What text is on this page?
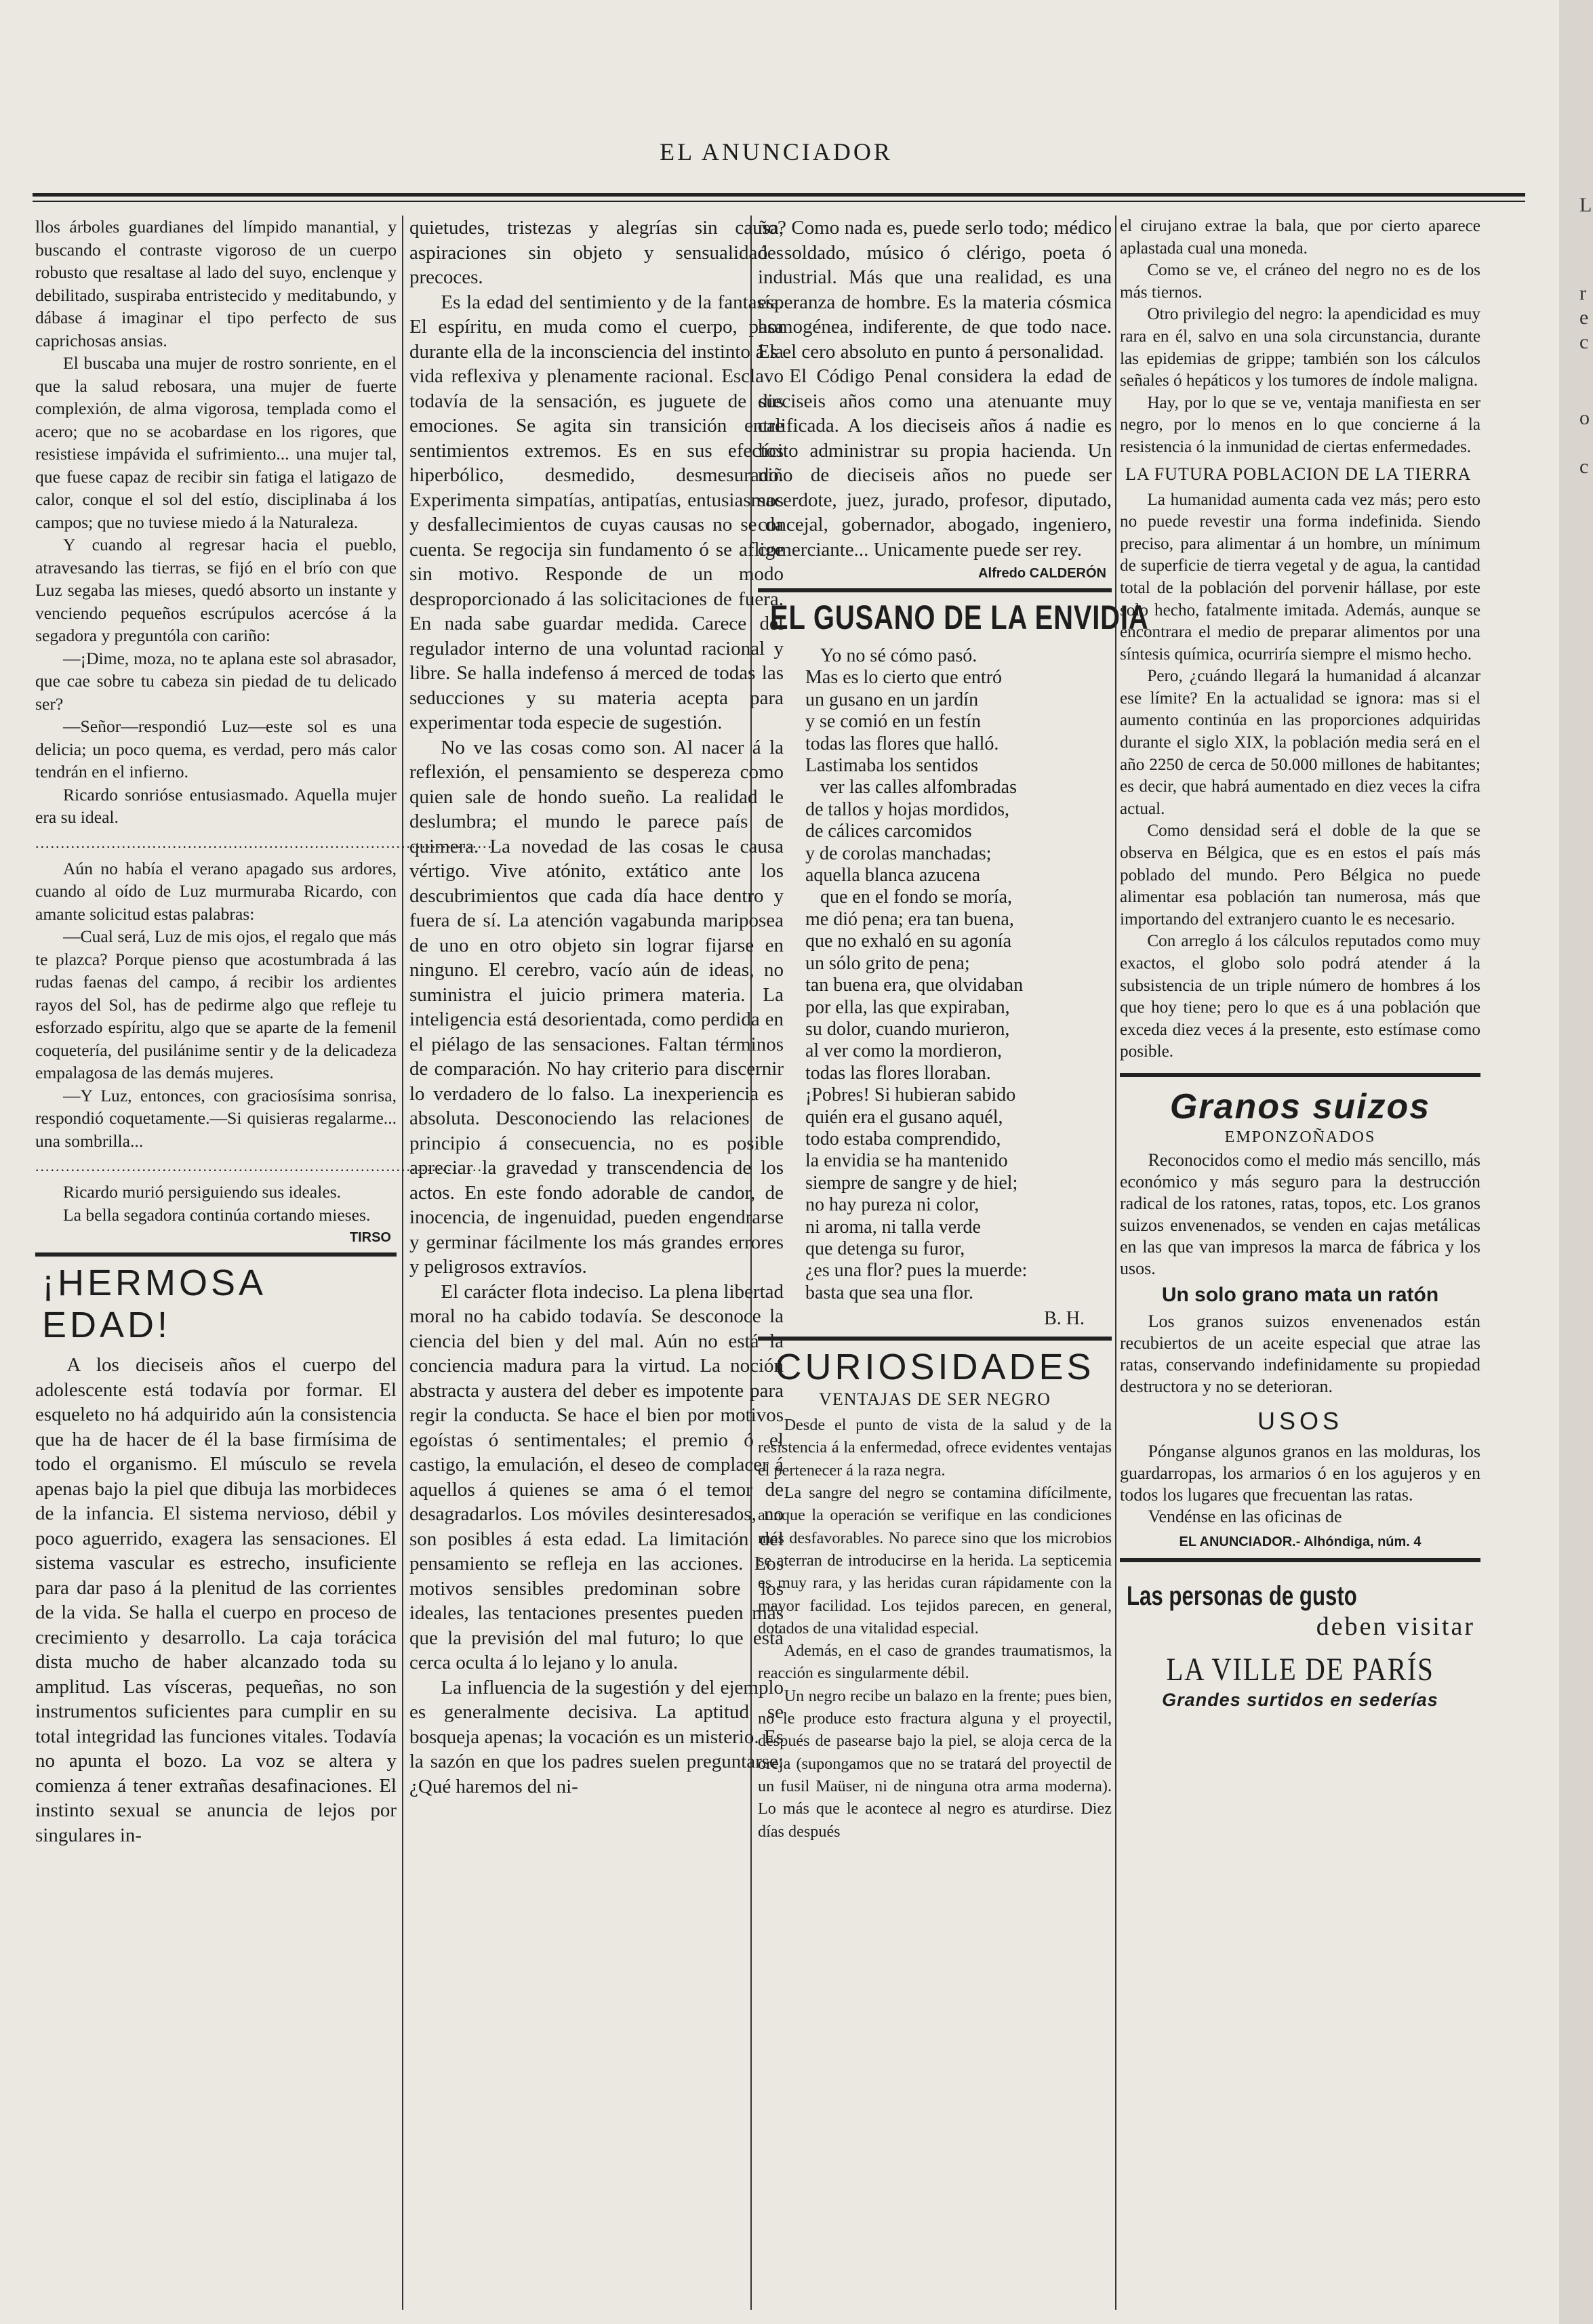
L
r
e
c
o
c
EL ANUNCIADOR

llos árboles guardianes del límpido manantial, y buscando el contraste vigoroso de un cuerpo robusto que resaltase al lado del suyo, enclenque y debilitado, suspiraba entristecido y meditabundo, y dábase á imaginar el tipo perfecto de sus caprichosas ansias.

El buscaba una mujer de rostro sonriente, en el que la salud rebosara, una mujer de fuerte complexión, de alma vigorosa, templada como el acero; que no se acobardase en los rigores, que resistiese impávida el sufrimiento... una mujer tal, que fuese capaz de recibir sin fatiga el latigazo de calor, conque el sol del estío, disciplinaba á los campos; que no tuviese miedo á la Naturaleza.

Y cuando al regresar hacia el pueblo, atravesando las tierras, se fijó en el brío con que Luz segaba las mieses, quedó absorto un instante y venciendo pequeños escrúpulos acercóse á la segadora y preguntóla con cariño:

—¡Dime, moza, no te aplana este sol abrasador, que cae sobre tu cabeza sin piedad de tu delicado ser?

—Señor—respondió Luz—este sol es una delicia; un poco quema, es verdad, pero más calor tendrán en el infierno.

Ricardo sonrióse entusiasmado. Aquella mujer era su ideal.

..........................................................................................

Aún no había el verano apagado sus ardores, cuando al oído de Luz murmuraba Ricardo, con amante solicitud estas palabras:

—Cual será, Luz de mis ojos, el regalo que más te plazca? Porque pienso que acostumbrada á las rudas faenas del campo, á recibir los ardientes rayos del Sol, has de pedirme algo que refleje tu esforzado espíritu, algo que se aparte de la femenil coquetería, del pusilánime sentir y de la delicadeza empalagosa de las demás mujeres.

—Y Luz, entonces, con graciosísima sonrisa, respondió coquetamente.—Si quisieras regalarme... una sombrilla...

..........................................................................................

Ricardo murió persiguiendo sus ideales.

La bella segadora continúa cortando mieses.

TIRSO
¡HERMOSA EDAD!

A los dieciseis años el cuerpo del adolescente está todavía por formar. El esqueleto no há adquirido aún la consistencia que ha de hacer de él la base firmísima de todo el organismo. El músculo se revela apenas bajo la piel que dibuja las morbideces de la infancia. El sistema nervioso, débil y poco aguerrido, exagera las sensaciones. El sistema vascular es estrecho, insuficiente para dar paso á la plenitud de las corrientes de la vida. Se halla el cuerpo en proceso de crecimiento y desarrollo. La caja torácica dista mucho de haber alcanzado toda su amplitud. Las vísceras, pequeñas, no son instrumentos suficientes para cumplir en su total integridad las funciones vitales. Todavía no apunta el bozo. La voz se altera y comienza á tener extrañas desafinaciones. El instinto sexual se anuncia de lejos por singulares in-

quietudes, tristezas y alegrías sin causa, aspiraciones sin objeto y sensualidades precoces.

Es la edad del sentimiento y de la fantasía. El espíritu, en muda como el cuerpo, pasa durante ella de la inconsciencia del instinto á la vida reflexiva y plenamente racional. Esclavo todavía de la sensación, es juguete de sus emociones. Se agita sin transición entre sentimientos extremos. Es en sus efectos hiperbólico, desmedido, desmesurado. Experimenta simpatías, antipatías, entusiasmos y desfallecimientos de cuyas causas no se da cuenta. Se regocija sin fundamento ó se aflige sin motivo. Responde de un modo desproporcionado á las solicitaciones de fuera. En nada sabe guardar medida. Carece del regulador interno de una voluntad racional y libre. Se halla indefenso á merced de todas las seducciones y su materia acepta para experimentar toda especie de sugestión.

No ve las cosas como son. Al nacer á la reflexión, el pensamiento se despereza como quien sale de hondo sueño. La realidad le deslumbra; el mundo le parece país de quimera. La novedad de las cosas le causa vértigo. Vive atónito, extático ante los descubrimientos que cada día hace dentro y fuera de sí. La atención vagabunda mariposea de uno en otro objeto sin lograr fijarse en ninguno. El cerebro, vacío aún de ideas, no suministra el juicio primera materia. La inteligencia está desorientada, como perdida en el piélago de las sensaciones. Faltan términos de comparación. No hay criterio para discernir lo verdadero de lo falso. La inexperiencia es absoluta. Desconociendo las relaciones de principio á consecuencia, no es posible apreciar la gravedad y transcendencia de los actos. En este fondo adorable de candor, de inocencia, de ingenuidad, pueden engendrarse y germinar fácilmente los más grandes errores y peligrosos extravíos.

El carácter flota indeciso. La plena libertad moral no ha cabido todavía. Se desconoce la ciencia del bien y del mal. Aún no está la conciencia madura para la virtud. La noción abstracta y austera del deber es impotente para regir la conducta. Se hace el bien por motivos egoístas ó sentimentales; el premio ó el castigo, la emulación, el deseo de complacer á aquellos á quienes se ama ó el temor de desagradarlos. Los móviles desinteresados, no son posibles á esta edad. La limitación del pensamiento se refleja en las acciones. Los motivos sensibles predominan sobre los ideales, las tentaciones presentes pueden más que la previsión del mal futuro; lo que está cerca oculta á lo lejano y lo anula.

La influencia de la sugestión y del ejemplo es generalmente decisiva. La aptitud se bosqueja apenas; la vocación es un misterio. Es la sazón en que los padres suelen preguntarse: ¿Qué haremos del ni-

ño? Como nada es, puede serlo todo; médico ó soldado, músico ó clérigo, poeta ó industrial. Más que una realidad, es una esperanza de hombre. Es la materia cósmica homogénea, indiferente, de que todo nace. Es el cero absoluto en punto á personalidad.

El Código Penal considera la edad de dieciseis años como una atenuante muy calificada. A los dieciseis años á nadie es lícito administrar su propia hacienda. Un niño de dieciseis años no puede ser sacerdote, juez, jurado, profesor, diputado, concejal, gobernador, abogado, ingeniero, comerciante... Unicamente puede ser rey.

Alfredo CALDERÓN
EL GUSANO DE LA ENVIDIA
Yo no sé cómo pasó.
Mas es lo cierto que entró
un gusano en un jardín
y se comió en un festín
todas las flores que halló.
Lastimaba los sentidos
ver las calles alfombradas
de tallos y hojas mordidos,
de cálices carcomidos
y de corolas manchadas;
aquella blanca azucena
que en el fondo se moría,
me dió pena; era tan buena,
que no exhaló en su agonía
un sólo grito de pena;
tan buena era, que olvidaban
por ella, las que expiraban,
su dolor, cuando murieron,
al ver como la mordieron,
todas las flores lloraban.
¡Pobres! Si hubieran sabido
quién era el gusano aquél,
todo estaba comprendido,
la envidia se ha mantenido
siempre de sangre y de hiel;
no hay pureza ni color,
ni aroma, ni talla verde
que detenga su furor,
¿es una flor? pues la muerde:
basta que sea una flor.
B. H.
CURIOSIDADES
VENTAJAS DE SER NEGRO

Desde el punto de vista de la salud y de la resistencia á la enfermedad, ofrece evidentes ventajas el pertenecer á la raza negra.

La sangre del negro se contamina difícilmente, aunque la operación se verifique en las condiciones más desfavorables. No parece sino que los microbios se aterran de introducirse en la herida. La septicemia es muy rara, y las heridas curan rápidamente con la mayor facilidad. Los tejidos parecen, en general, dotados de una vitalidad especial.

Además, en el caso de grandes traumatismos, la reacción es singularmente débil.

Un negro recibe un balazo en la frente; pues bien, no le produce esto fractura alguna y el proyectil, después de pasearse bajo la piel, se aloja cerca de la oreja (supongamos que no se tratará del proyectil de un fusil Maüser, ni de ninguna otra arma moderna). Lo más que le acontece al negro es aturdirse. Diez días después

el cirujano extrae la bala, que por cierto aparece aplastada cual una moneda.

Como se ve, el cráneo del negro no es de los más tiernos.

Otro privilegio del negro: la apendicidad es muy rara en él, salvo en una sola circunstancia, durante las epidemias de grippe; también son los cálculos señales ó hepáticos y los tumores de índole maligna.

Hay, por lo que se ve, ventaja manifiesta en ser negro, por lo menos en lo que concierne á la resistencia ó la inmunidad de ciertas enfermedades.

LA FUTURA POBLACION DE LA TIERRA

La humanidad aumenta cada vez más; pero esto no puede revestir una forma indefinida. Siendo preciso, para alimentar á un hombre, un mínimum de superficie de tierra vegetal y de agua, la cantidad total de la población del porvenir hállase, por este solo hecho, fatalmente imitada. Además, aunque se encontrara el medio de preparar alimentos por una síntesis química, ocurriría siempre el mismo hecho.

Pero, ¿cuándo llegará la humanidad á alcanzar ese límite? En la actualidad se ignora: mas si el aumento continúa en las proporciones adquiridas durante el siglo XIX, la población media será en el año 2250 de cerca de 50.000 millones de habitantes; es decir, que habrá aumentado en diez veces la cifra actual.

Como densidad será el doble de la que se observa en Bélgica, que es en estos el país más poblado del mundo. Pero Bélgica no puede alimentar esa población tan numerosa, más que importando del extranjero cuanto le es necesario.

Con arreglo á los cálculos reputados como muy exactos, el globo solo podrá atender á la subsistencia de un triple número de hombres á los que hoy tiene; pero lo que es á una población que exceda diez veces á la presente, esto estímase como posible.

Granos suizos
EMPONZOÑADOS

Reconocidos como el medio más sencillo, más económico y más seguro para la destrucción radical de los ratones, ratas, topos, etc. Los granos suizos envenenados, se venden en cajas metálicas en las que van impresos la marca de fábrica y los usos.

Un solo grano mata un ratón

Los granos suizos envenenados están recubiertos de un aceite especial que atrae las ratas, conservando indefinidamente su propiedad destructora y no se deterioran.

USOS

Pónganse algunos granos en las molduras, los guardarropas, los armarios ó en los agujeros y en todos los lugares que frecuentan las ratas.

Vendénse en las oficinas de

EL ANUNCIADOR.- Alhóndiga, núm. 4
Las personas de gusto
deben visitar
LA VILLE DE PARÍS
Grandes surtidos en sederías
